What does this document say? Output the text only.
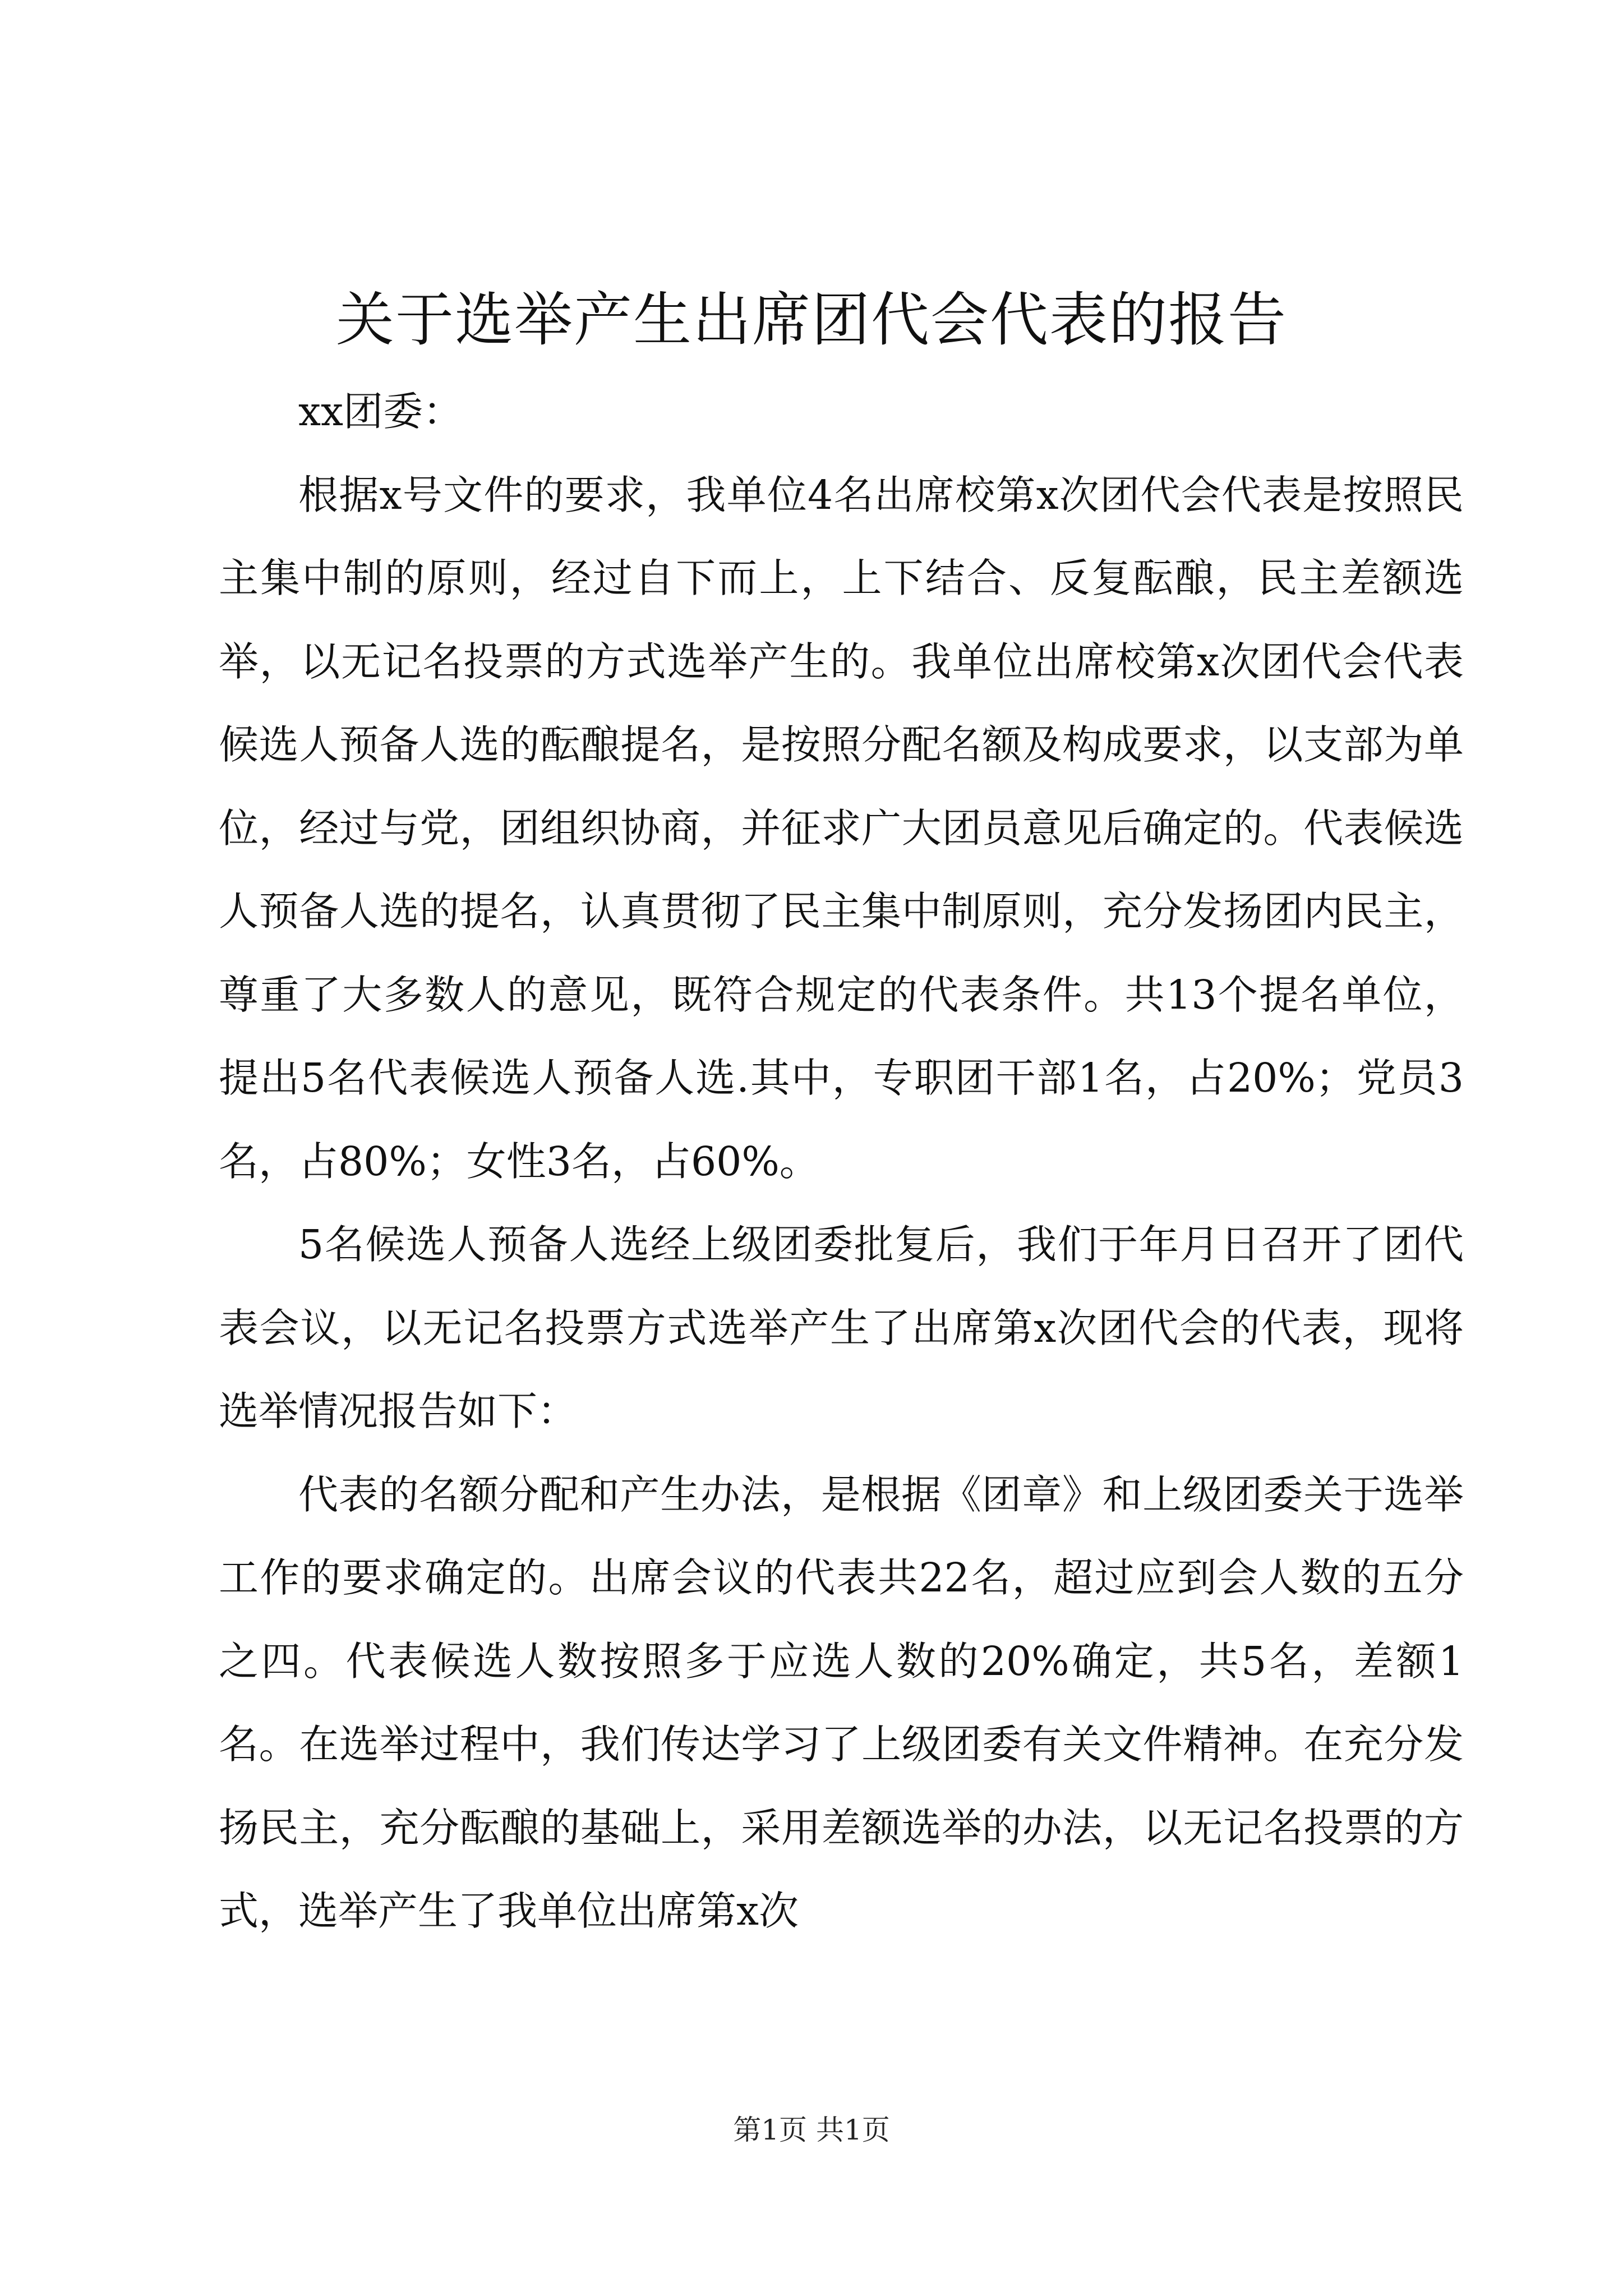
关于选举产生出席团代会代表的报告

xx团委：

根据x号文件的要求，我单位4名出席校第x次团代会代表是按照民主集中制的原则，经过自下而上，上下结合、反复酝酿，民主差额选举，以无记名投票的方式选举产生的。我单位出席校第x次团代会代表候选人预备人选的酝酿提名，是按照分配名额及构成要求，以支部为单位，经过与党，团组织协商，并征求广大团员意见后确定的。代表候选人预备人选的提名，认真贯彻了民主集中制原则，充分发扬团内民主，尊重了大多数人的意见，既符合规定的代表条件。共13个提名单位，提出5名代表候选人预备人选.其中，专职团干部1名，占20%；党员3名，占80%；女性3名，占60%。

5名候选人预备人选经上级团委批复后，我们于年月日召开了团代表会议，以无记名投票方式选举产生了出席第x次团代会的代表，现将选举情况报告如下：

代表的名额分配和产生办法，是根据《团章》和上级团委关于选举工作的要求确定的。出席会议的代表共22名，超过应到会人数的五分之四。代表候选人数按照多于应选人数的20%确定，共5名，差额1名。在选举过程中，我们传达学习了上级团委有关文件精神。在充分发扬民主，充分酝酿的基础上，采用差额选举的办法，以无记名投票的方式，选举产生了我单位出席第x次

第1页 共1页
